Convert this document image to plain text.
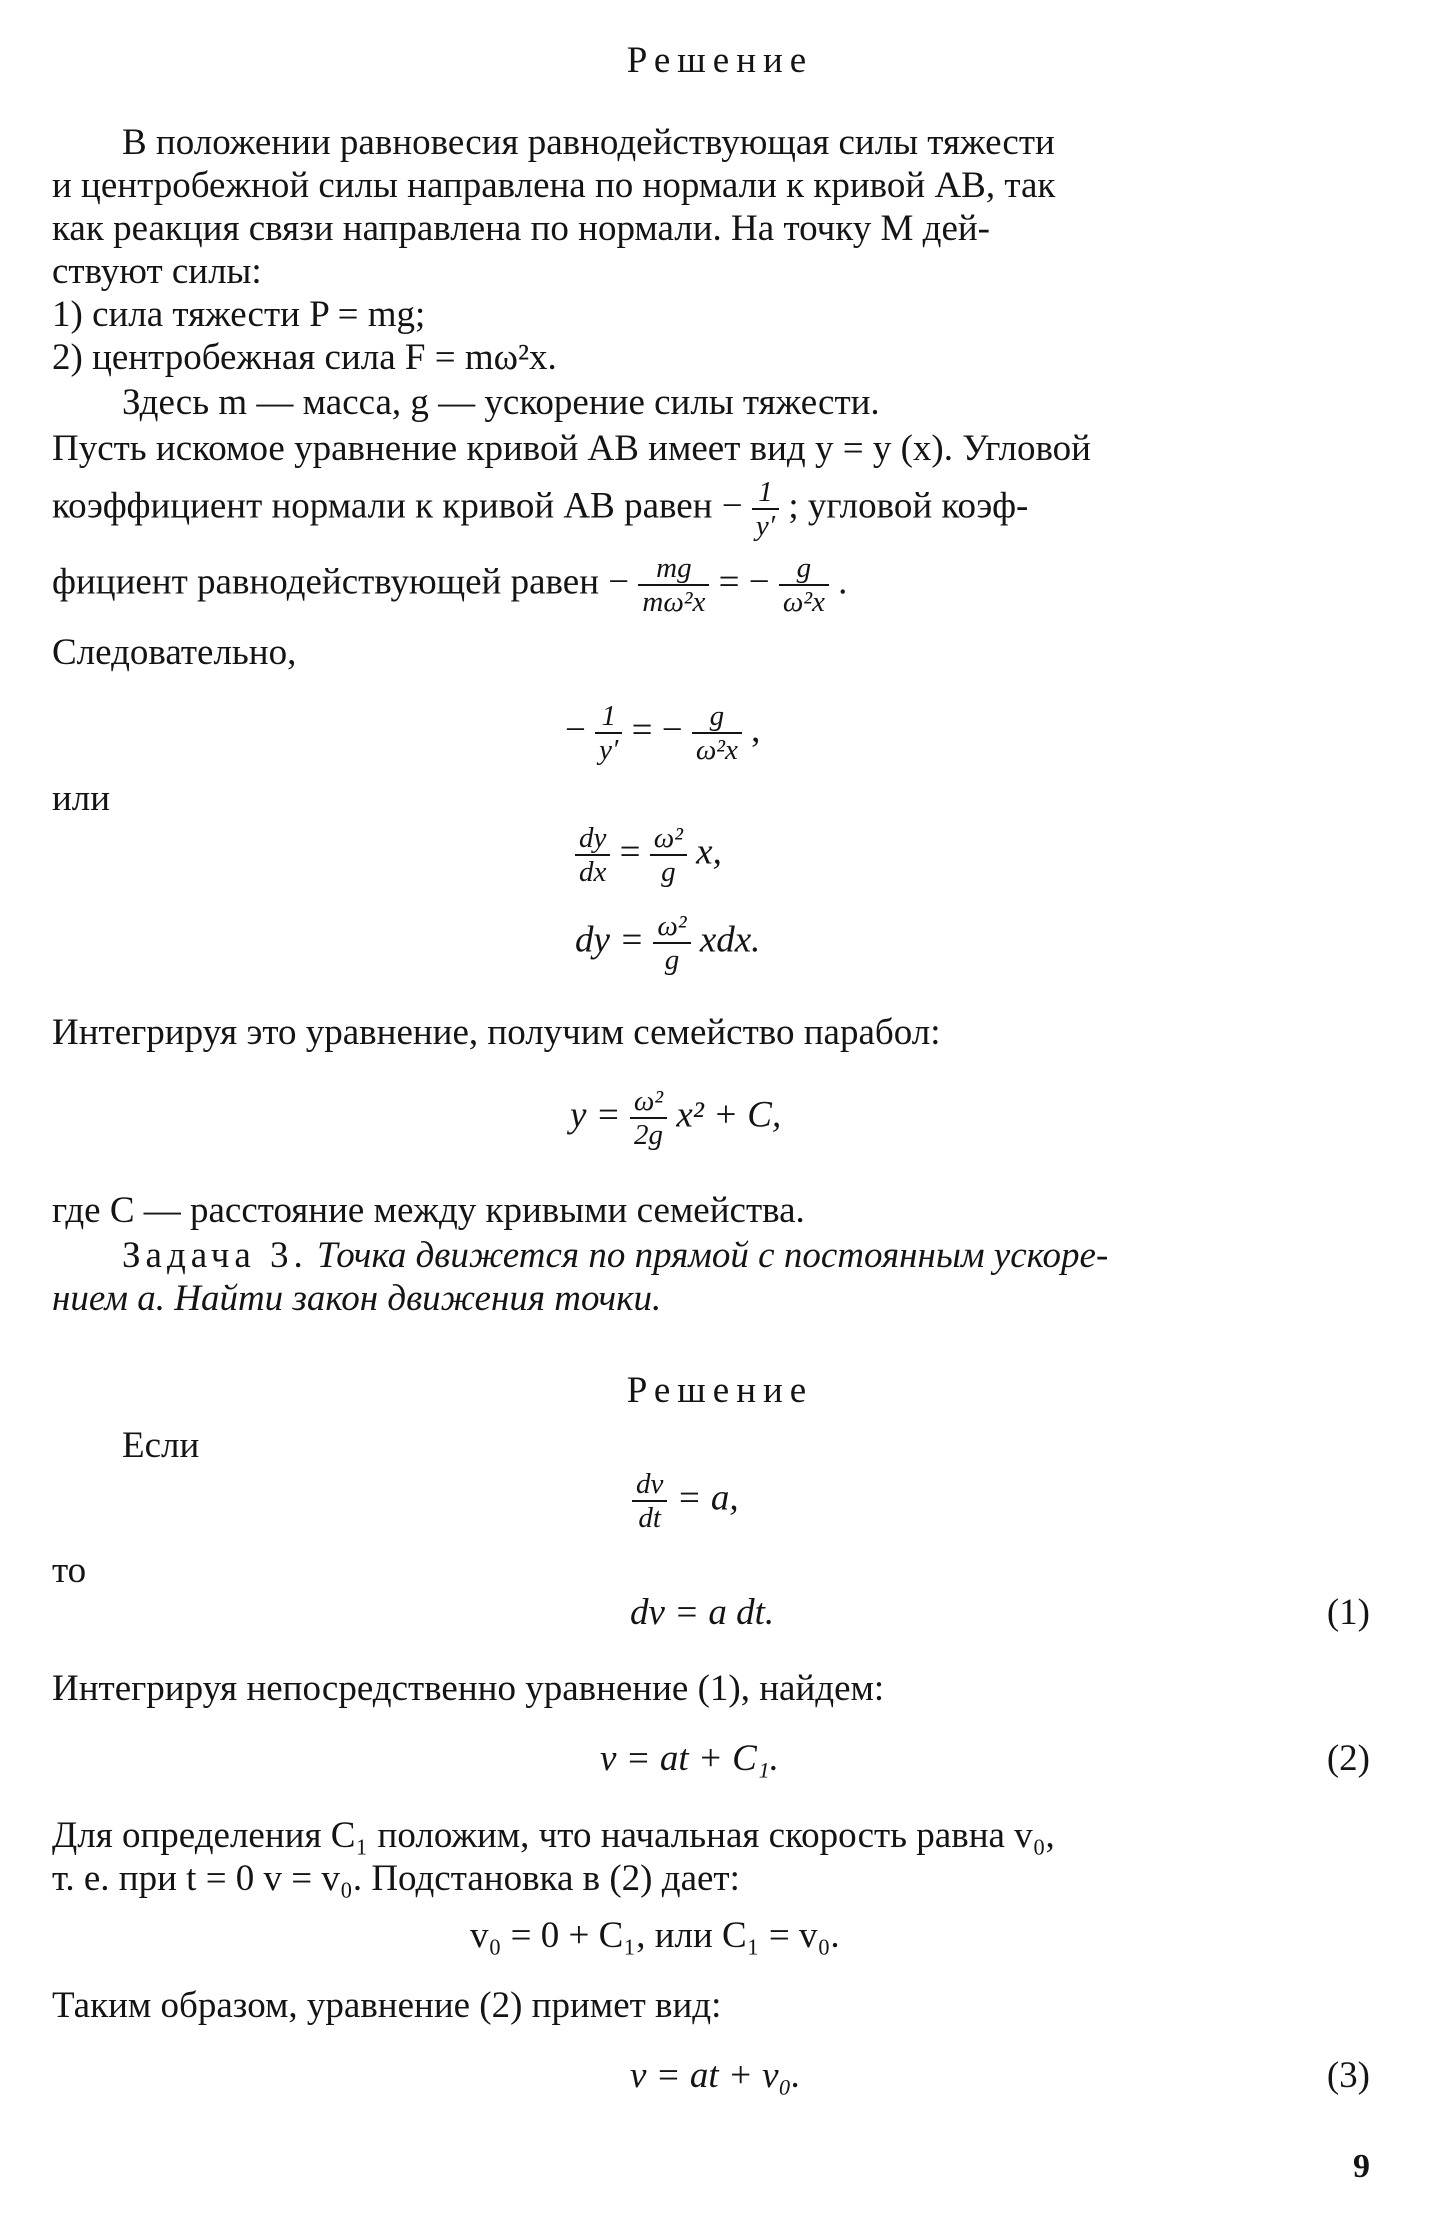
Решение
В положении равновесия равнодействующая силы тяжести
и центробежной силы направлена по нормали к кривой AB, так
как реакция связи направлена по нормали. На точку M дей-
ствуют силы:
1) сила тяжести P = mg;
2) центробежная сила F = mω²x.
Здесь m — масса, g — ускорение силы тяжести.
Пусть искомое уравнение кривой AB имеет вид y = y (x). Угловой
коэффициент нормали к кривой AB равен − $\frac{1}{y'}$ ; угловой коэф-
фициент равнодействующей равен − $\frac{mg}{\text{mω²x}}$ = − $\frac{g}{\text{ω²x}}$ .
Следовательно,
− $\frac{1}{y'}$ = − $\frac{g}{\text{ω²x}}$ ,
или
$\frac{dy}{dx} = \frac{\text{ω²}}{g} x$,
dy = $\frac{\text{ω²}}{g}$ xdx.
Интегрируя это уравнение, получим семейство парабол:
$y = \frac{\text{ω²}}{2g} x^2 + C$,
где C — расстояние между кривыми семейства.
Задача 3. Точка движется по прямой с постоянным ускоре-
нием a. Найти закон движения точки.
Решение
Если
$\frac{dv}{dt} = a$,
то
dv = a dt.	(1)
Интегрируя непосредственно уравнение (1), найдем:
v = at + C₁.	(2)
Для определения C₁ положим, что начальная скорость равна v₀,
т. е. при t = 0 v = v₀. Подстановка в (2) дает:
v₀ = 0 + C₁, или C₁ = v₀.
Таким образом, уравнение (2) примет вид:
v = at + v₀.	(3)
9
